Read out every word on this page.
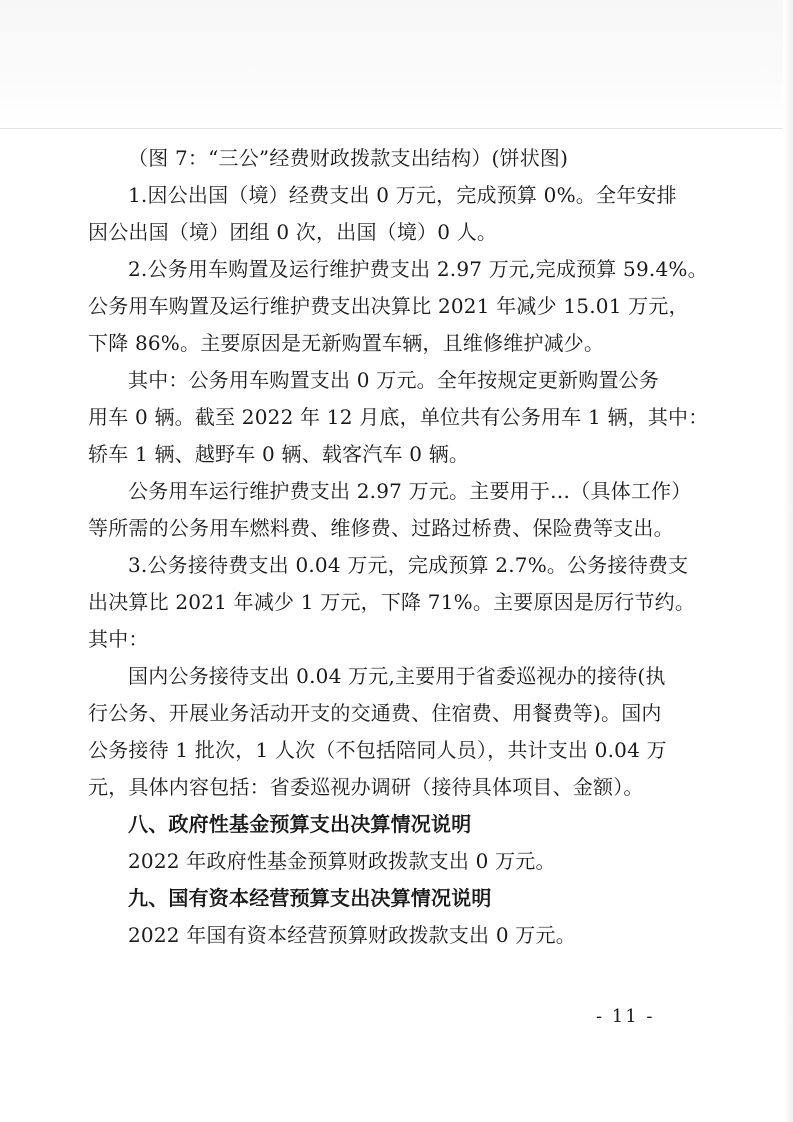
（图 7：“三公”经费财政拨款支出结构）(饼状图)
1.因公出国（境）经费支出 0 万元，完成预算 0%。全年安排
因公出国（境）团组 0 次，出国（境）0 人。
2.公务用车购置及运行维护费支出 2.97 万元,完成预算 59.4%。
公务用车购置及运行维护费支出决算比 2021 年减少 15.01 万元，
下降 86%。主要原因是无新购置车辆，且维修维护减少。
其中：公务用车购置支出 0 万元。全年按规定更新购置公务
用车 0 辆。截至 2022 年 12 月底，单位共有公务用车 1 辆，其中：
轿车 1 辆、越野车 0 辆、载客汽车 0 辆。
公务用车运行维护费支出 2.97 万元。主要用于…（具体工作）
等所需的公务用车燃料费、维修费、过路过桥费、保险费等支出。
3.公务接待费支出 0.04 万元，完成预算 2.7%。公务接待费支
出决算比 2021 年减少 1 万元，下降 71%。主要原因是厉行节约。
其中：
国内公务接待支出 0.04 万元,主要用于省委巡视办的接待(执
行公务、开展业务活动开支的交通费、住宿费、用餐费等)。国内
公务接待 1 批次，1 人次（不包括陪同人员），共计支出 0.04 万
元，具体内容包括：省委巡视办调研（接待具体项目、金额）。
八、政府性基金预算支出决算情况说明
2022 年政府性基金预算财政拨款支出 0 万元。
九、国有资本经营预算支出决算情况说明
2022 年国有资本经营预算财政拨款支出 0 万元。
- 11 -
